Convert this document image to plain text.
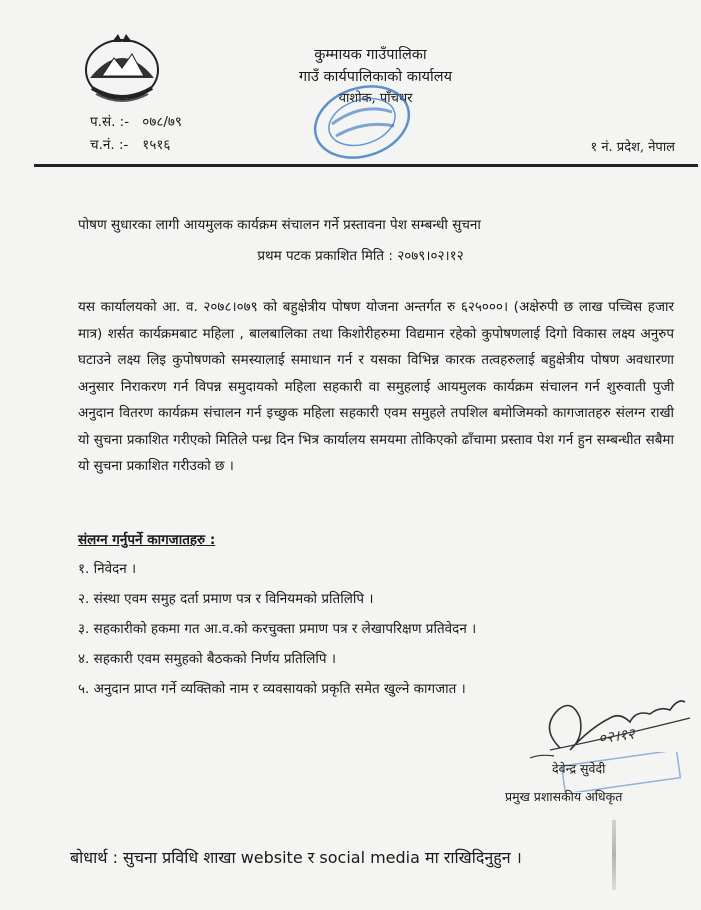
प.सं. :- ०७८/७९
च.नं. :- १५१६
कुम्मायक गाउँपालिका
गाउँ कार्यपालिकाको कार्यालय
याशोक, पाँचथर
१ नं. प्रदेश, नेपाल
पोषण सुधारका लागी आयमुलक कार्यक्रम संचालन गर्ने प्रस्तावना पेश सम्बन्धी सुचना
प्रथम पटक प्रकाशित मिति : २०७९।०२।१२
यस कार्यालयको आ. व. २०७८।०७९ को बहुक्षेत्रीय पोषण योजना अन्तर्गत रु ६२५०००। (अक्षेरुपी छ लाख पच्चिस हजार मात्र) शर्सत कार्यक्रमबाट महिला , बालबालिका तथा किशोरीहरुमा विद्यमान रहेको कुपोषणलाई दिगो विकास लक्ष्य अनुरुप घटाउने लक्ष्य लिइ कुपोषणको समस्यालाई समाधान गर्न र यसका विभिन्न कारक तत्वहरुलाई बहुक्षेत्रीय पोषण अवधारणा अनुसार निराकरण गर्न विपन्न समुदायको महिला सहकारी वा समुहलाई आयमुलक कार्यक्रम संचालन गर्न शुरुवाती पुजी अनुदान वितरण कार्यक्रम संचालन गर्न इच्छुक महिला सहकारी एवम समुहले तपशिल बमोजिमको कागजातहरु संलग्न राखी यो सुचना प्रकाशित गरीएको मितिले पन्ध्र दिन भित्र कार्यालय समयमा तोकिएको ढाँचामा प्रस्ताव पेश गर्न हुन सम्बन्धीत सबैमा यो सुचना प्रकाशित गरीउको छ ।
संलग्न गर्नुपर्ने कागजातहरु :
१. निवेदन ।
२. संस्था एवम समुह दर्ता प्रमाण पत्र र विनियमको प्रतिलिपि ।
३. सहकारीको हकमा गत आ.व.को करचुक्ता प्रमाण पत्र र लेखापरिक्षण प्रतिवेदन ।
४. सहकारी एवम समुहको बैठकको निर्णय प्रतिलिपि ।
५. अनुदान प्राप्त गर्ने व्यक्तिको नाम र व्यवसायको प्रकृति समेत खुल्ने कागजात ।
०२।१२
देवेन्द्र सुवेदी
प्रमुख प्रशासकीय अधिकृत
बोधार्थ : सुचना प्रविधि शाखा website र social media मा राखिदिनुहुन ।
